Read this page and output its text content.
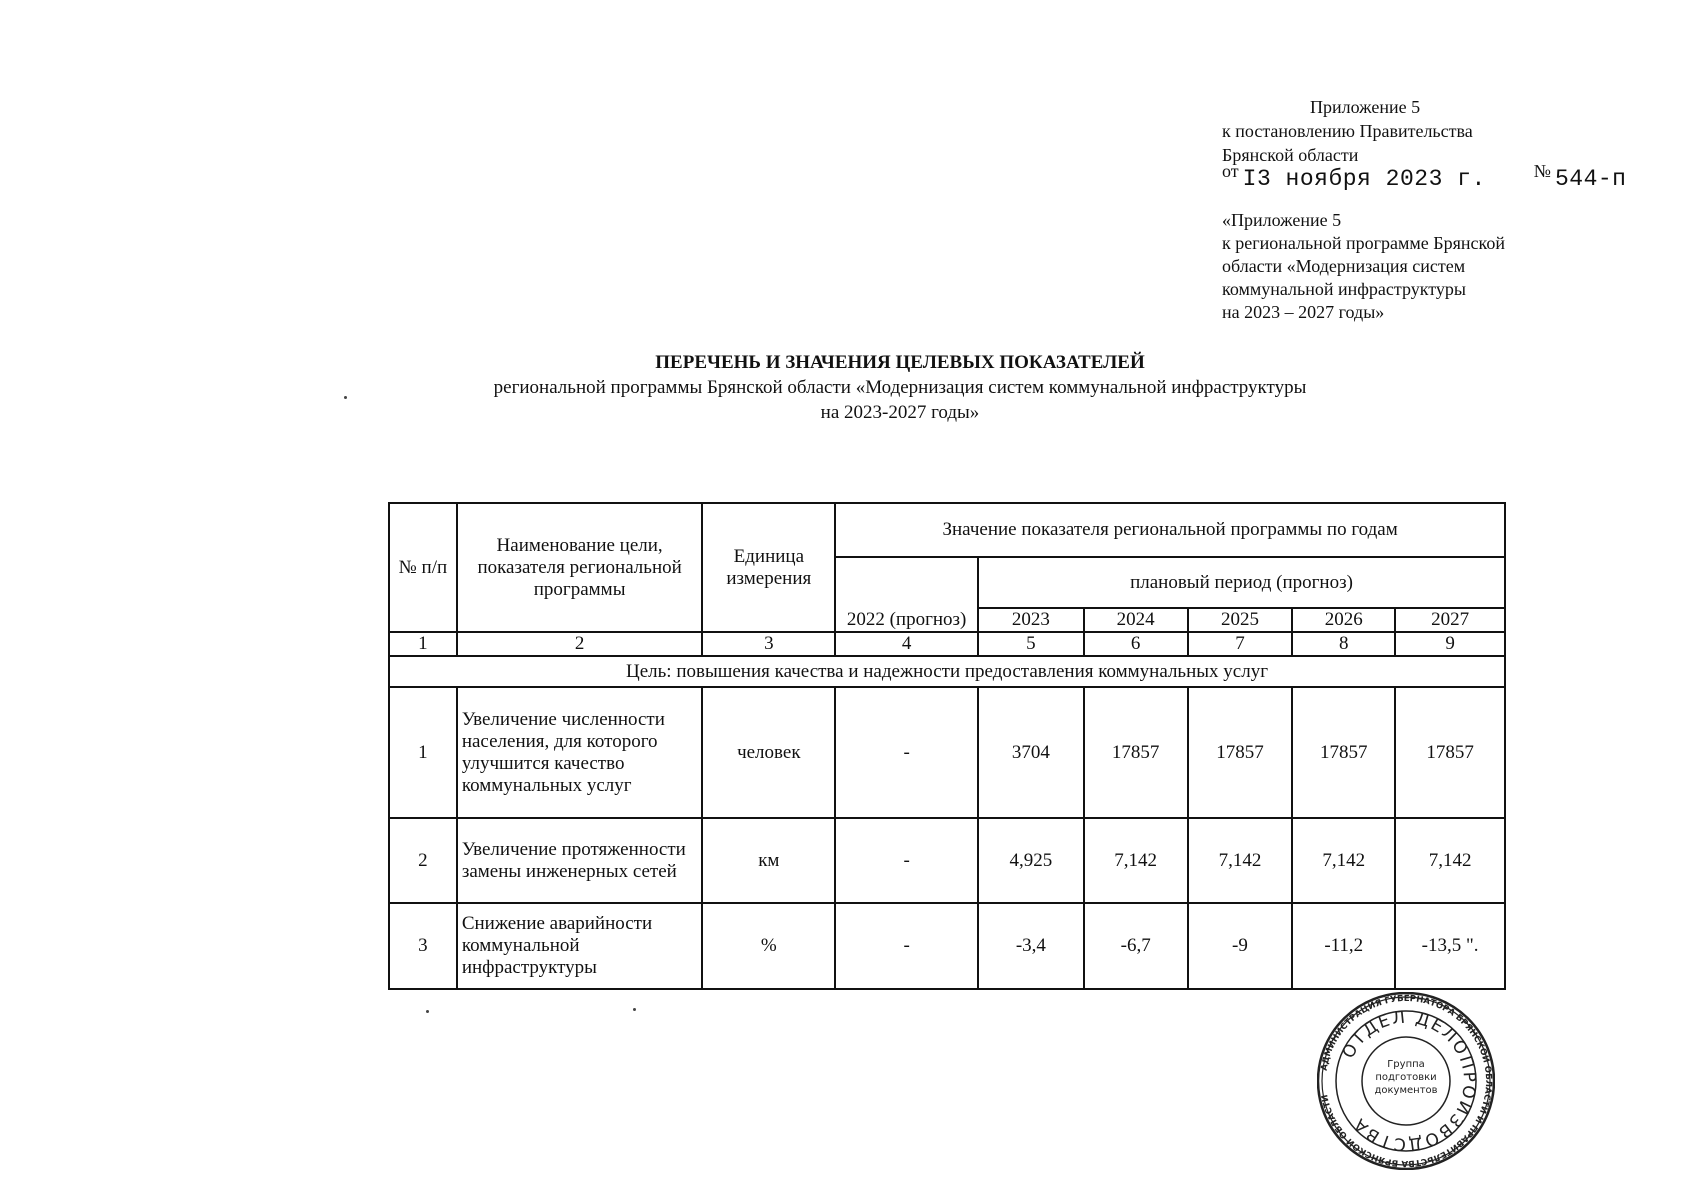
Приложение 5
к постановлению Правительства
Брянской области
от I3 ноября 2023 г.	№ 544-п
«Приложение 5
к региональной программе Брянской
области «Модернизация систем
коммунальной инфраструктуры
на 2023 – 2027 годы»
ПЕРЕЧЕНЬ И ЗНАЧЕНИЯ ЦЕЛЕВЫХ ПОКАЗАТЕЛЕЙ
региональной программы Брянской области «Модернизация систем коммунальной инфраструктуры
на 2023-2027 годы»
№ п/п	Наименование цели, показателя региональной программы	Единица измерения	Значение показателя региональной программы по годам					
			2022 (прогноз)	плановый период (прогноз)				
				2023	2024	2025	2026	2027
1	2	3	4	5	6	7	8	9
Цель: повышения качества и надежности предоставления коммунальных услуг								
1	Увеличение численности населения, для которого улучшится качество коммунальных услуг	человек	-	3704	17857	17857	17857	17857
2	Увеличение протяженности замены инженерных сетей	км	-	4,925	7,142	7,142	7,142	7,142
3	Снижение аварийности коммунальной инфраструктуры	%	-	-3,4	-6,7	-9	-11,2	-13,5 ".
АДМИНИСТРАЦИЯ ГУБЕРНАТОРА БРЯНСКОЙ ОБЛАСТИ И ПРАВИТЕЛЬСТВА БРЯНСКОЙ ОБЛАСТИ
ОТДЕЛ ДЕЛОПРОИЗВОДСТВА
Группа подготовки документов
